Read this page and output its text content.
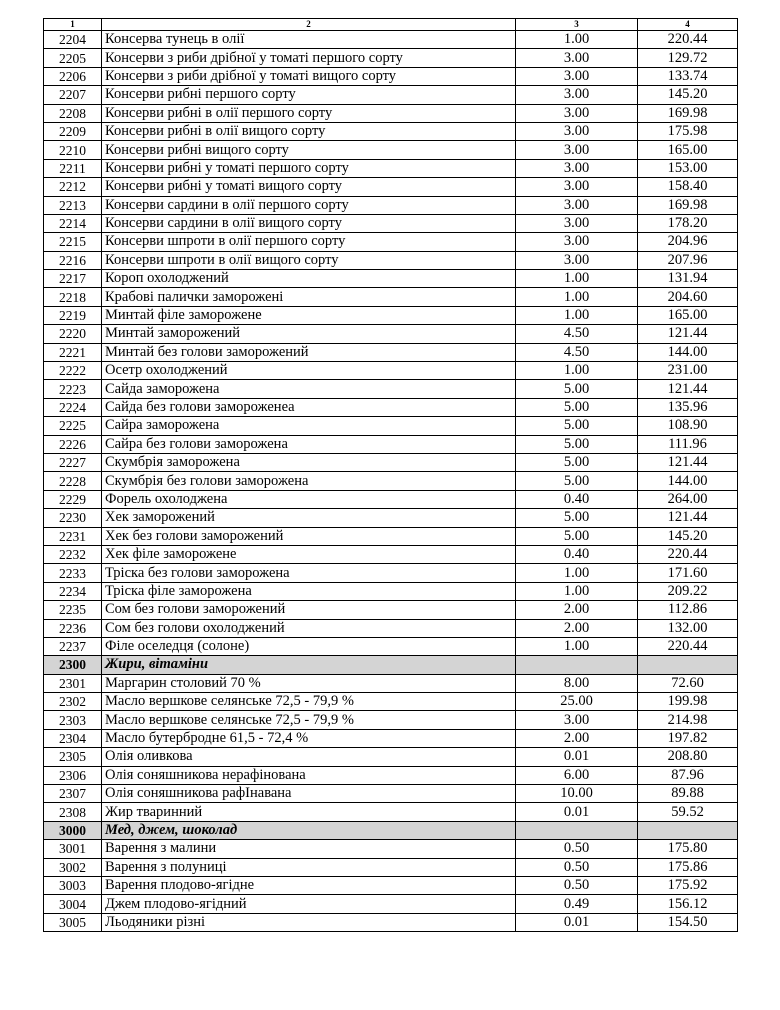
1	2	3	4
2204	Консерва тунець в олії	1.00	220.44
2205	Консерви з риби дрібної у томаті першого сорту	3.00	129.72
2206	Консерви з риби дрібної у томаті вищого сорту	3.00	133.74
2207	Консерви рибні першого сорту	3.00	145.20
2208	Консерви рибні в олії першого сорту	3.00	169.98
2209	Консерви рибні в олії вищого сорту	3.00	175.98
2210	Консерви рибні вищого сорту	3.00	165.00
2211	Консерви рибні у томаті першого сорту	3.00	153.00
2212	Консерви рибні у томаті вищого сорту	3.00	158.40
2213	Консерви сардини в олії першого сорту	3.00	169.98
2214	Консерви сардини в олії вищого сорту	3.00	178.20
2215	Консерви шпроти в олії першого сорту	3.00	204.96
2216	Консерви шпроти в олії вищого сорту	3.00	207.96
2217	Короп охолоджений	1.00	131.94
2218	Крабові палички заморожені	1.00	204.60
2219	Минтай філе заморожене	1.00	165.00
2220	Минтай заморожений	4.50	121.44
2221	Минтай без голови заморожений	4.50	144.00
2222	Осетр охолоджений	1.00	231.00
2223	Сайда заморожена	5.00	121.44
2224	Сайда без голови замороженеа	5.00	135.96
2225	Сайра заморожена	5.00	108.90
2226	Сайра без голови заморожена	5.00	111.96
2227	Скумбрія заморожена	5.00	121.44
2228	Скумбрія без голови заморожена	5.00	144.00
2229	Форель охолоджена	0.40	264.00
2230	Хек заморожений	5.00	121.44
2231	Хек без голови заморожений	5.00	145.20
2232	Хек філе заморожене	0.40	220.44
2233	Тріска без голови заморожена	1.00	171.60
2234	Тріска філе заморожена	1.00	209.22
2235	Сом без голови заморожений	2.00	112.86
2236	Сом без голови охолоджений	2.00	132.00
2237	Філе оселедця (солоне)	1.00	220.44
2300	Жири, вітаміни		
2301	Маргарин столовий 70 %	8.00	72.60
2302	Масло вершкове селянське 72,5 - 79,9 %	25.00	199.98
2303	Масло вершкове селянське 72,5 - 79,9 %	3.00	214.98
2304	Масло бутербродне 61,5 - 72,4 %	2.00	197.82
2305	Олія оливкова	0.01	208.80
2306	Олія соняшникова нерафінована	6.00	87.96
2307	Олія соняшникова рафІнавана	10.00	89.88
2308	Жир тваринний	0.01	59.52
3000	Мед, джем, шоколад		
3001	Варення з малини	0.50	175.80
3002	Варення з полуниці	0.50	175.86
3003	Варення плодово-ягідне	0.50	175.92
3004	Джем плодово-ягідний	0.49	156.12
3005	Льодяники різні	0.01	154.50
